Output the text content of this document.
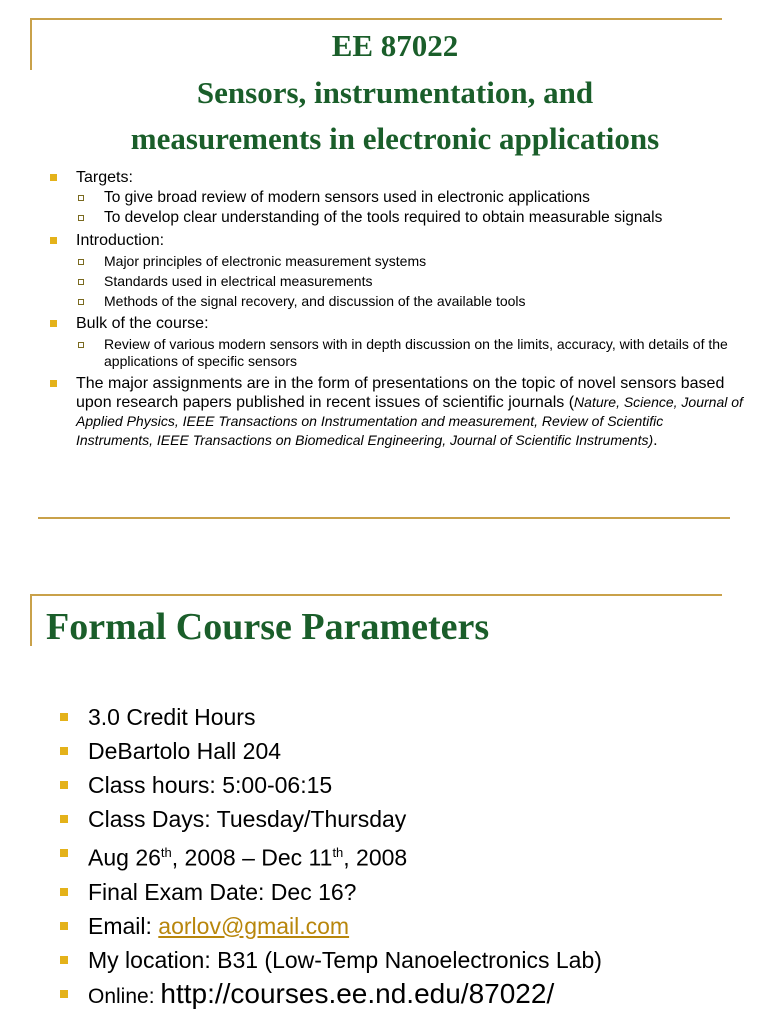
EE 87022
Sensors, instrumentation, and
measurements in electronic applications
Targets:
To give broad review of modern sensors used in electronic applications
To develop clear understanding of the tools required to obtain measurable signals
Introduction:
Major principles of electronic measurement systems
Standards used in electrical measurements
Methods of the signal recovery, and discussion of the available tools
Bulk of the course:
Review of various modern sensors with in depth discussion on the limits, accuracy, with details of the applications of specific sensors
The major assignments are in the form of presentations on the topic of novel sensors based upon research papers published in recent issues of scientific journals (Nature, Science, Journal of Applied Physics, IEEE Transactions on Instrumentation and measurement, Review of Scientific Instruments, IEEE Transactions on Biomedical Engineering, Journal of Scientific Instruments).
Formal Course Parameters
3.0 Credit Hours
DeBartolo Hall 204
Class hours: 5:00-06:15
Class Days: Tuesday/Thursday
Aug 26th, 2008 – Dec 11th, 2008
Final Exam Date: Dec 16?
Email: aorlov@gmail.com
My location: B31 (Low-Temp Nanoelectronics Lab)
Online: http://courses.ee.nd.edu/87022/
